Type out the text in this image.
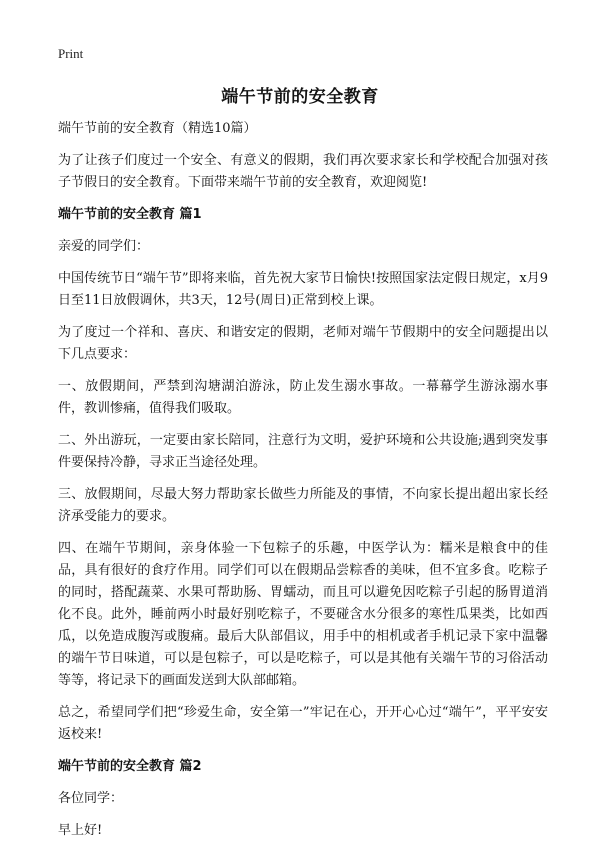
Print
端午节前的安全教育

端午节前的安全教育（精选10篇）

为了让孩子们度过一个安全、有意义的假期，我们再次要求家长和学校配合加强对孩子节假日的安全教育。下面带来端午节前的安全教育，欢迎阅览!

端午节前的安全教育 篇1

亲爱的同学们：

中国传统节日“端午节”即将来临，首先祝大家节日愉快!按照国家法定假日规定，x月9日至11日放假调休，共3天，12号(周日)正常到校上课。

为了度过一个祥和、喜庆、和谐安定的假期，老师对端午节假期中的安全问题提出以下几点要求：

一、放假期间，严禁到沟塘湖泊游泳，防止发生溺水事故。一幕幕学生游泳溺水事件，教训惨痛，值得我们吸取。

二、外出游玩，一定要由家长陪同，注意行为文明，爱护环境和公共设施;遇到突发事件要保持冷静，寻求正当途径处理。

三、放假期间，尽最大努力帮助家长做些力所能及的事情，不向家长提出超出家长经济承受能力的要求。

四、在端午节期间，亲身体验一下包粽子的乐趣，中医学认为：糯米是粮食中的佳品，具有很好的食疗作用。同学们可以在假期品尝粽香的美味，但不宜多食。吃粽子的同时，搭配蔬菜、水果可帮助肠、胃蠕动，而且可以避免因吃粽子引起的肠胃道消化不良。此外，睡前两小时最好别吃粽子，不要碰含水分很多的寒性瓜果类，比如西瓜，以免造成腹泻或腹痛。最后大队部倡议，用手中的相机或者手机记录下家中温馨的端午节日味道，可以是包粽子，可以是吃粽子，可以是其他有关端午节的习俗活动等等，将记录下的画面发送到大队部邮箱。

总之，希望同学们把“珍爱生命，安全第一”牢记在心，开开心心过“端午”，平平安安返校来!

端午节前的安全教育 篇2

各位同学：

早上好!
